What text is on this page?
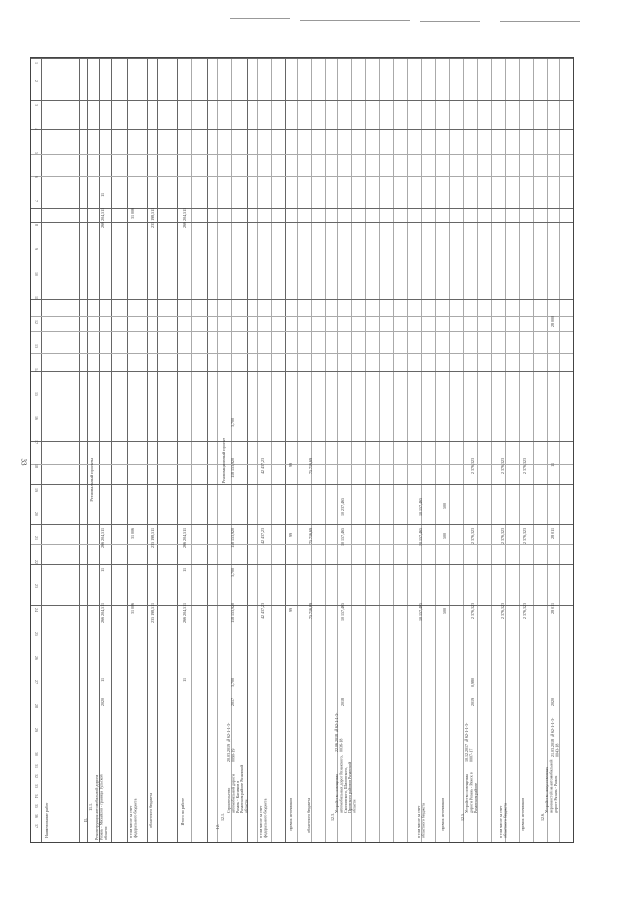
33
1
2
3
4
5
6
7
8
9
10
11
12
13
14
15
16
17
18
19
20
21
22
23
24
25
26
27
28
29
30
31
32
33
34
35
36
37 Наименование работ	II.
Региональный проекты
12.
Реализационный проект
11.1. Реконструкция автомобильной дороги Рязань - Михайлов - граница Тульской области
2020
11
266 204,511
11
266 204,511
11
266 204,511
в том числе за счет федерального бюджета
31 006
31 006
31 006
областного бюджета
235 198,511
235 198,511
235 198,511
Итого по работе
11
266 204,511
11
266 204,511
266 204,511
12.1.
Строительство автомобильной дороги Рязань - Касимов в Рязанском районе Рязанской области
20.03.2019 №62-1-1-3-0090-19
2017
3,700
118 153,920
3,700
118 153,920
118 153,920
3,700
в том числе за счет федерального бюджета
42 437,23
42 437,23
42 437,23
прочих источников
99
99
99
областного бюджета
75 716,69
75 716,69
75 716,69
12.3.
Устройство освещения автомобильных дорог Рязанского, Скопинского, Шиловского, Пронского районов Рязанской области
22.06.2018 №62-1-1-3-0036-18
2018
10 157,465
10 157,465
10 237,465
в том числе за счет областного бюджета
10 157,465
10 157,465
10 157,465
прочих источников
500
500
500
12.5.
Устройство освещения дороги Рязань - Ряжск в Рязанском районе
10.12.2017 №62-1-1-3-0007-17
2019
0,980
2 376,323
2 376,323
2 376,323
в том числе за счет областного бюджета
2 376,323
2 376,323
2 376,323
прочих источников
2 376,323
2 376,323
2 376,323
12.6.
Устройство искусственных неровностей на автомобильной дороге Рязань - Ряжск
21.03.2018 №62-1-1-3-0043-18
2020
28 011
28 011
11
28 000
